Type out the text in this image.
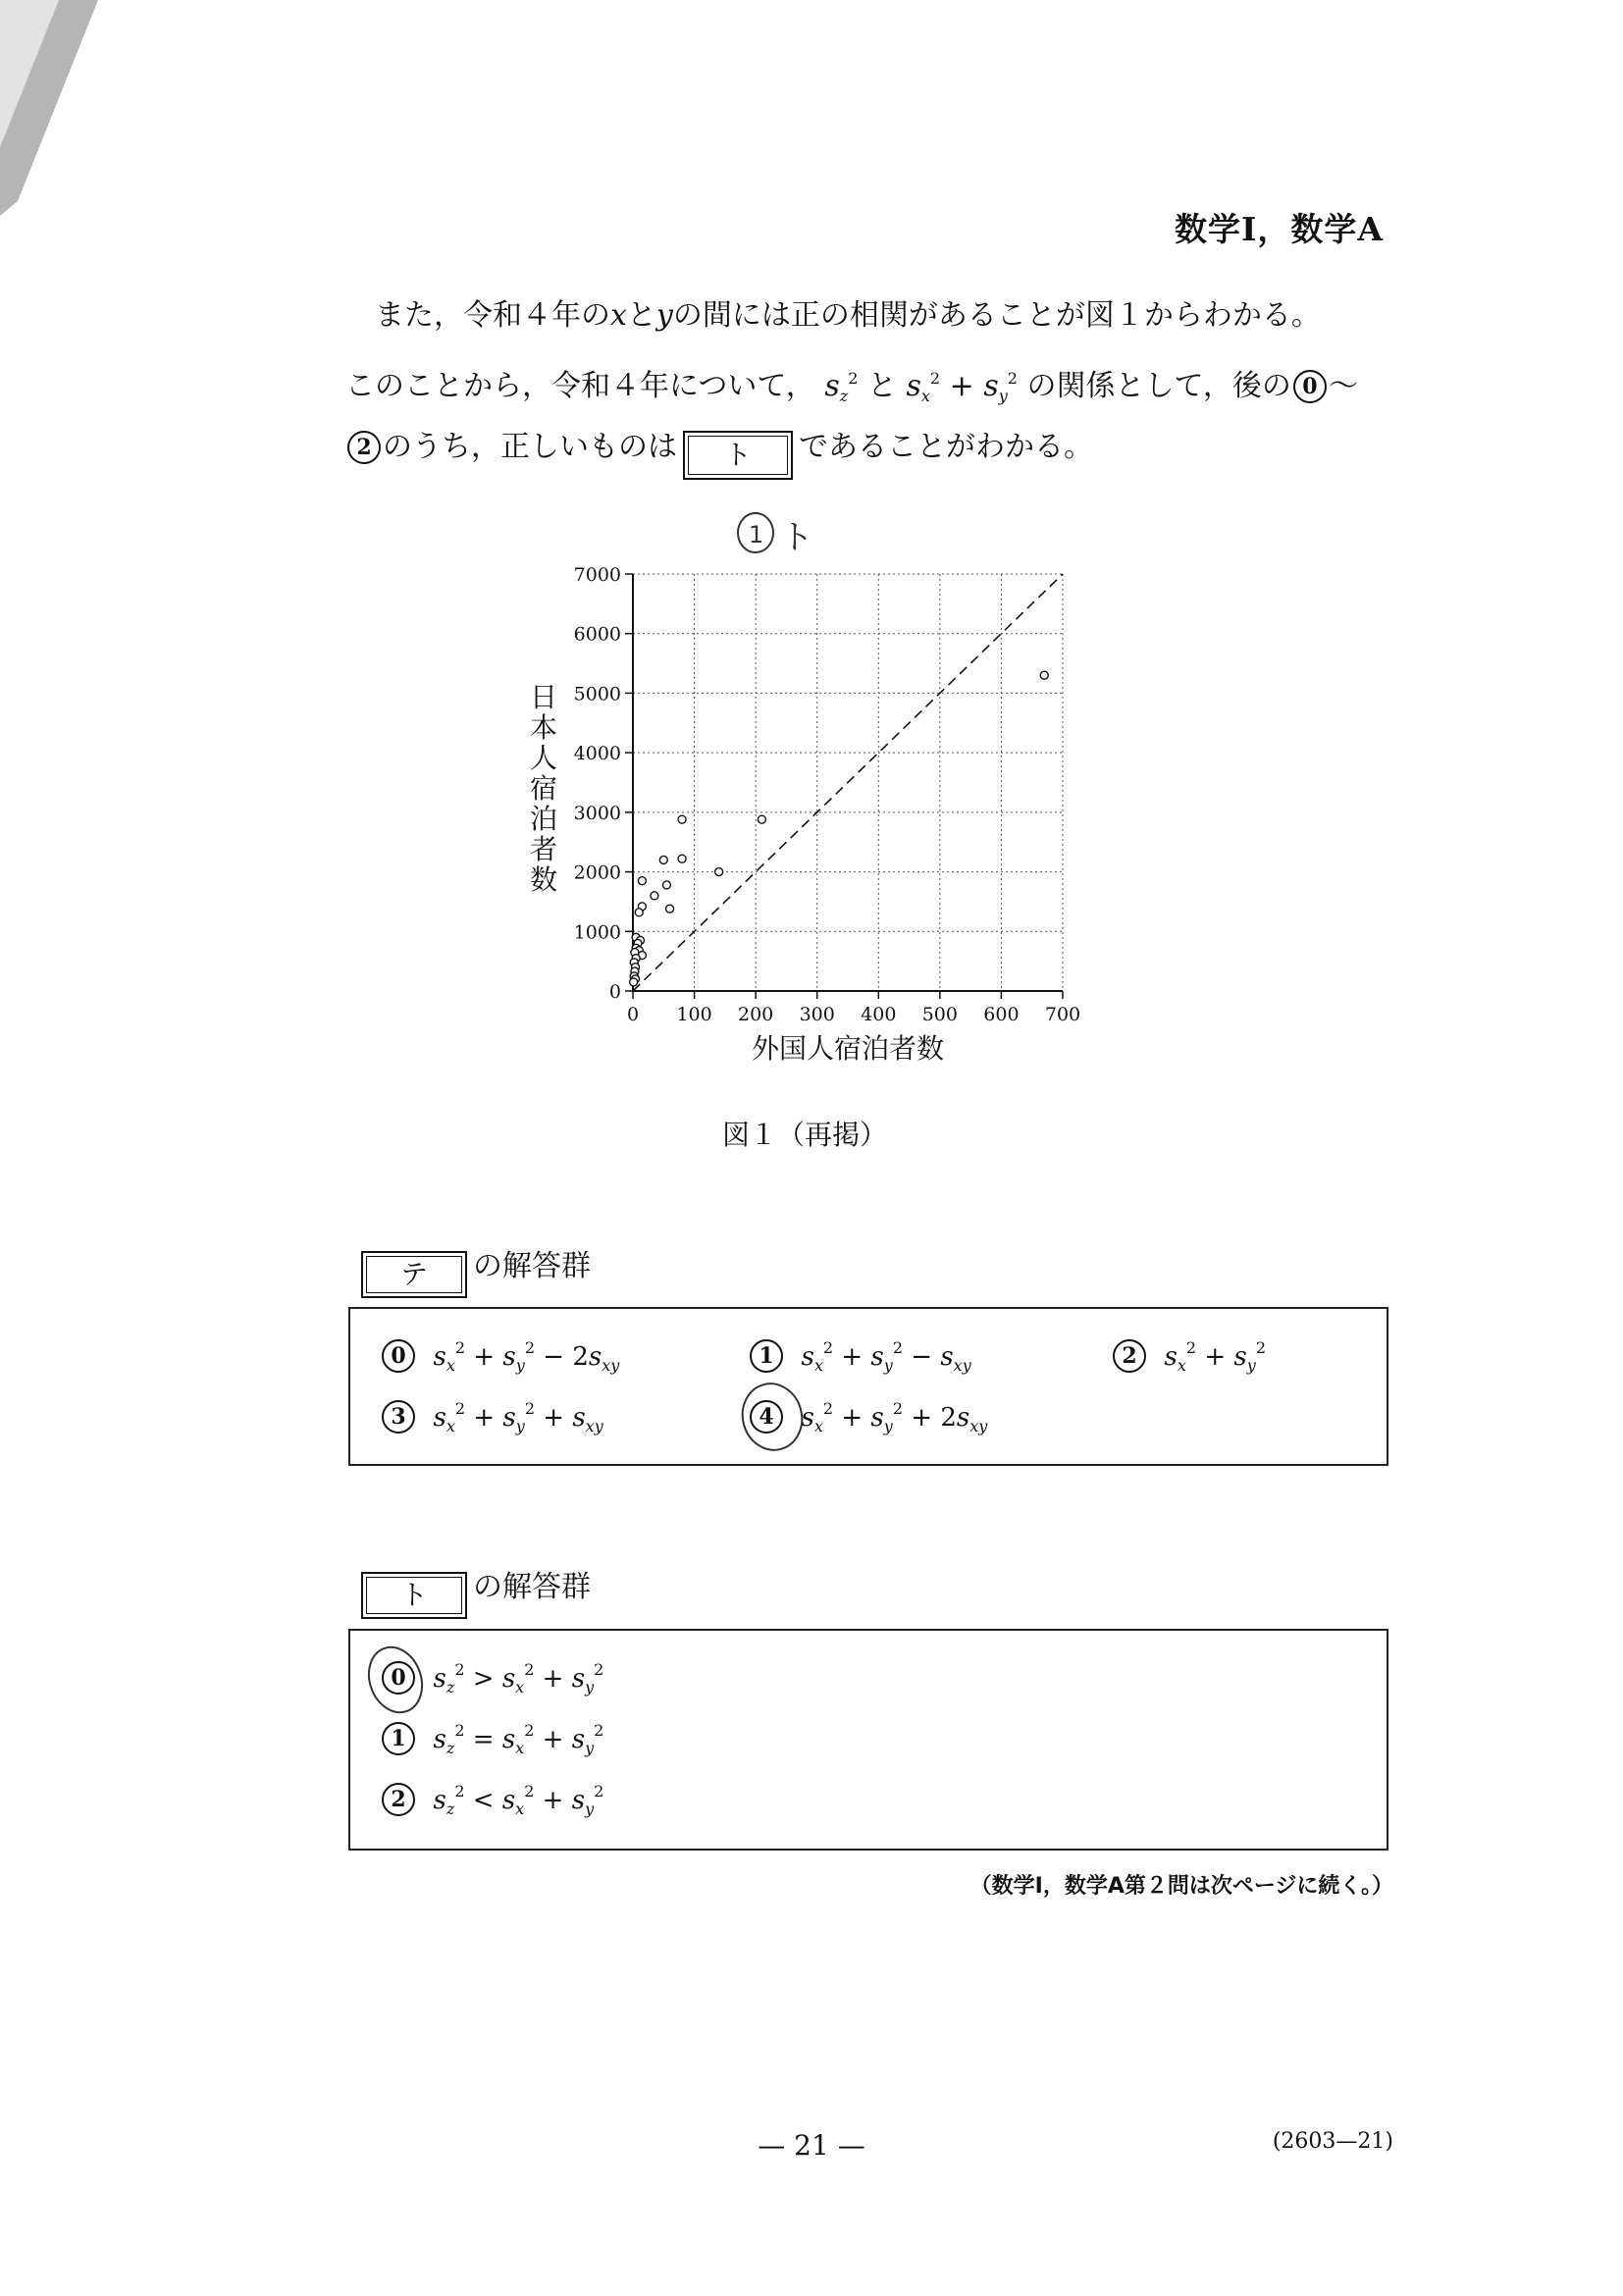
数学Ⅰ，数学A
また，令和４年のxとyの間には正の相関があることが図１からわかる。
このことから，令和４年について， $s_z^2$ と $s_x^2 + s_y^2$ の関係として，後の 0 〜
2 のうち，正しいものは	ト	であることがわかる。
1 ト
0 100 200 300 400 500 600 700
0
1000
2000
3000
4000
5000
6000
7000
外国人宿泊者数
日
本
人
宿
泊
者
数
図１（再掲）
テ	の解答群
0 $s_x^2 + s_y^2 - 2s_{xy}$	1 $s_x^2 + s_y^2 - s_{xy}$	2 $s_x^2 + s_y^2$
3 $s_x^2 + s_y^2 + s_{xy}$	4 $s_x^2 + s_y^2 + 2s_{xy}$
ト	の解答群
0 $s_z^2 > s_x^2 + s_y^2$
1 $s_z^2 = s_x^2 + s_y^2$
2 $s_z^2 < s_x^2 + s_y^2$
（数学Ⅰ，数学A第２問は次ページに続く。）
— 21 —	(2603—21)
